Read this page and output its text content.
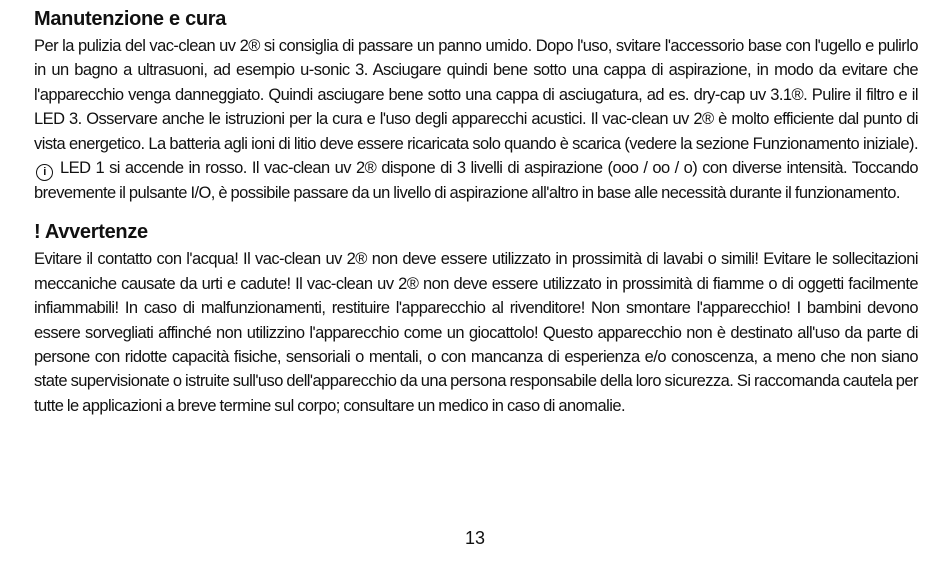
Manutenzione e cura

Per la pulizia del vac-clean uv 2® si consiglia di passare un panno umido. Dopo l'uso, svitare l'accessorio base con l'ugello e pulirlo in un bagno a ultrasuoni, ad esempio u-sonic 3. Asciugare quindi bene sotto una cappa di aspirazione, in modo da evitare che l'apparecchio venga danneggiato. Quindi asciugare bene sotto una cappa di asciugatura, ad es. dry-cap uv 3.1®. Pulire il filtro e il LED 3. Osservare anche le istruzioni per la cura e l'uso degli apparecchi acustici. Il vac-clean uv 2® è molto efficiente dal punto di vista energetico. La batteria agli ioni di litio deve essere ricaricata solo quando è scarica (vedere la sezione Funzionamento iniziale). i LED 1 si accende in rosso. Il vac-clean uv 2® dispone di 3 livelli di aspirazione (ooo / oo / o) con diverse intensità. Toccando brevemente il pulsante I/O, è possibile passare da un livello di aspirazione all'altro in base alle necessità durante il funzionamento.

! Avvertenze

Evitare il contatto con l'acqua! Il vac-clean uv 2® non deve essere utilizzato in prossimità di lavabi o simili! Evitare le sollecitazioni meccaniche causate da urti e cadute! Il vac-clean uv 2® non deve essere utilizzato in prossimità di fiamme o di oggetti facilmente infiammabili! In caso di malfunzionamenti, restituire l'apparecchio al rivenditore! Non smontare l'apparecchio! I bambini devono essere sorvegliati affinché non utilizzino l'apparecchio come un giocattolo! Questo apparecchio non è destinato all'uso da parte di persone con ridotte capacità fisiche, sensoriali o mentali, o con mancanza di esperienza e/o conoscenza, a meno che non siano state supervisionate o istruite sull'uso dell'apparecchio da una persona responsabile della loro sicurezza. Si raccomanda cautela per tutte le applicazioni a breve termine sul corpo; consultare un medico in caso di anomalie.

13
